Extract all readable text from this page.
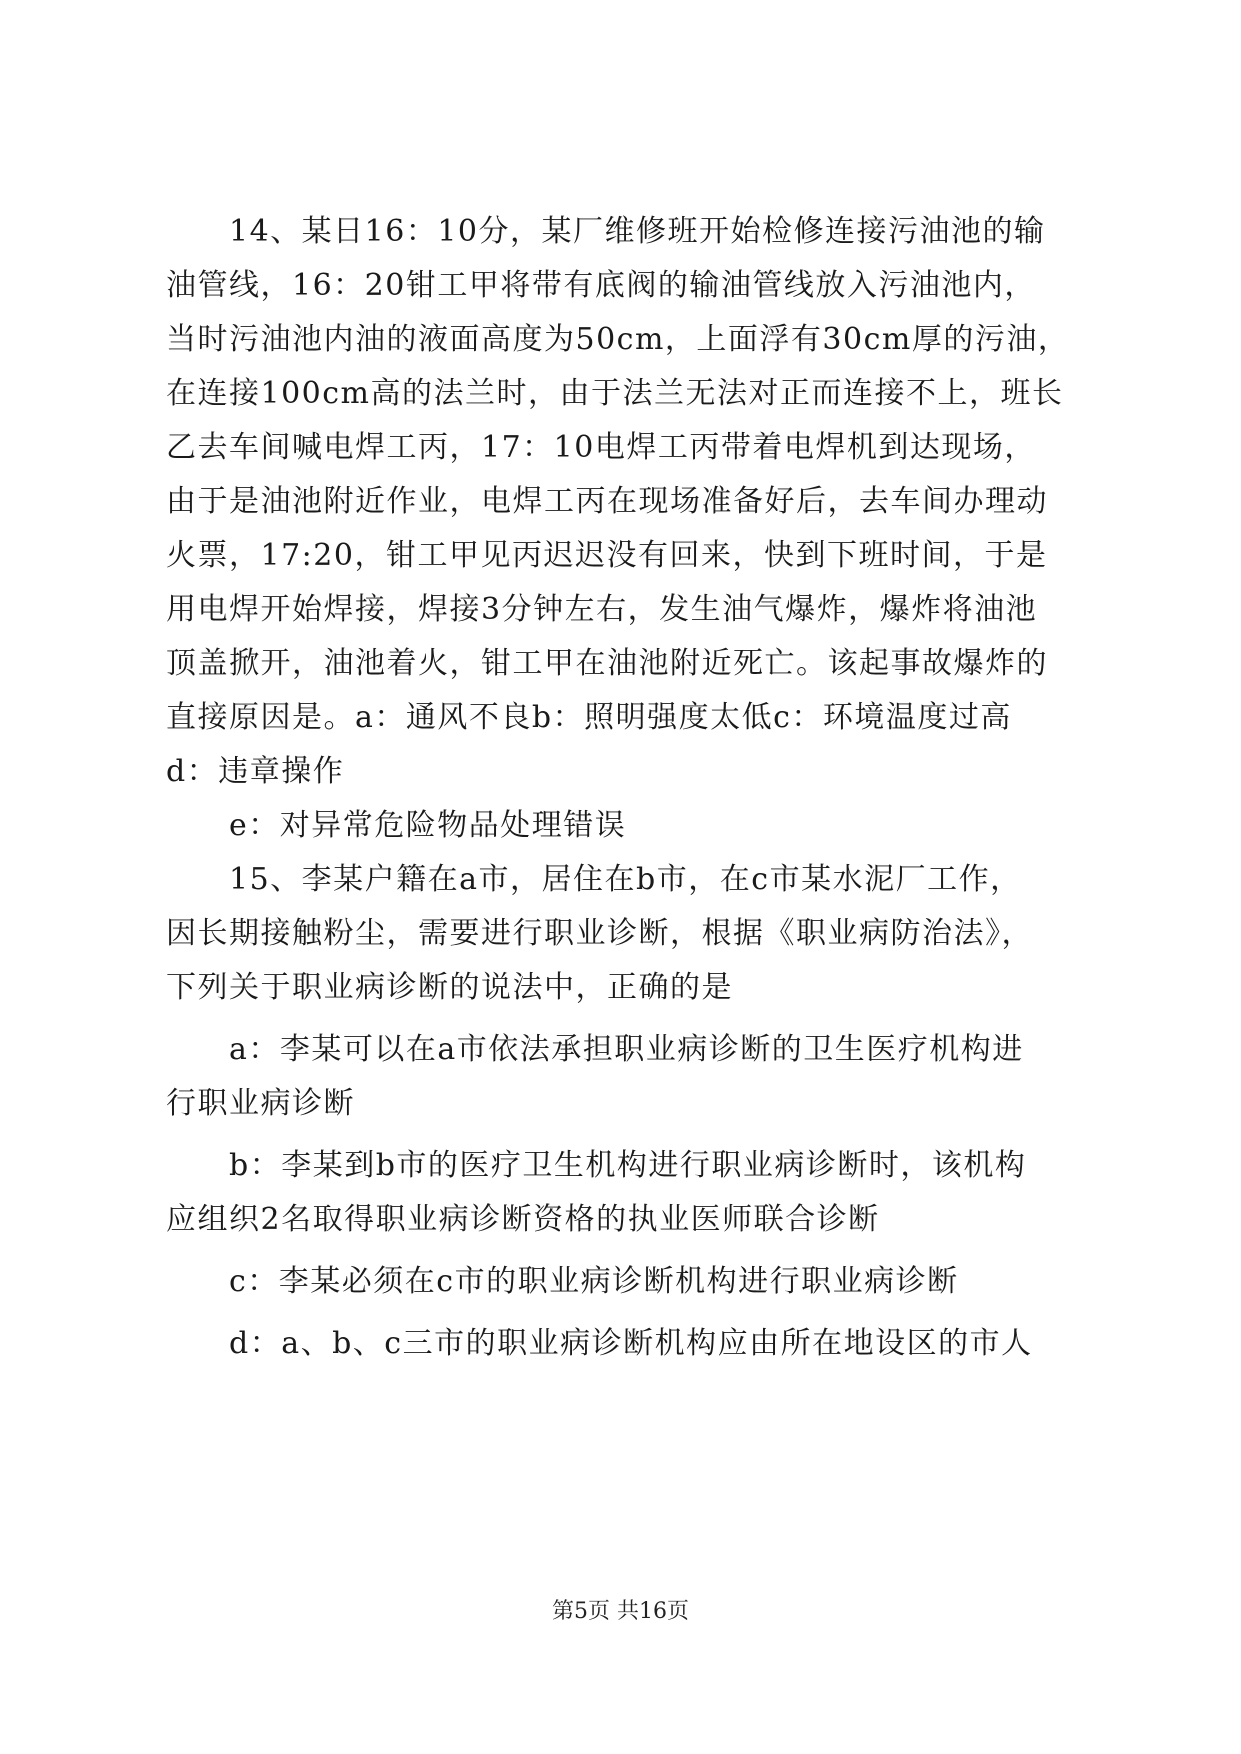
14、某日16：10分，某厂维修班开始检修连接污油池的输
油管线，16：20钳工甲将带有底阀的输油管线放入污油池内，
当时污油池内油的液面高度为50cm，上面浮有30cm厚的污油，
在连接100cm高的法兰时，由于法兰无法对正而连接不上，班长
乙去车间喊电焊工丙，17：10电焊工丙带着电焊机到达现场，
由于是油池附近作业，电焊工丙在现场准备好后，去车间办理动
火票，17:20，钳工甲见丙迟迟没有回来，快到下班时间，于是
用电焊开始焊接，焊接3分钟左右，发生油气爆炸，爆炸将油池
顶盖掀开，油池着火，钳工甲在油池附近死亡。该起事故爆炸的
直接原因是。a：通风不良b：照明强度太低c：环境温度过高
d：违章操作
e：对异常危险物品处理错误
15、李某户籍在a市，居住在b市，在c市某水泥厂工作，
因长期接触粉尘，需要进行职业诊断，根据《职业病防治法》，
下列关于职业病诊断的说法中，正确的是
a：李某可以在a市依法承担职业病诊断的卫生医疗机构进
行职业病诊断
b：李某到b市的医疗卫生机构进行职业病诊断时，该机构
应组织2名取得职业病诊断资格的执业医师联合诊断
c：李某必须在c市的职业病诊断机构进行职业病诊断
d：a、b、c三市的职业病诊断机构应由所在地设区的市人
第5页 共16页
